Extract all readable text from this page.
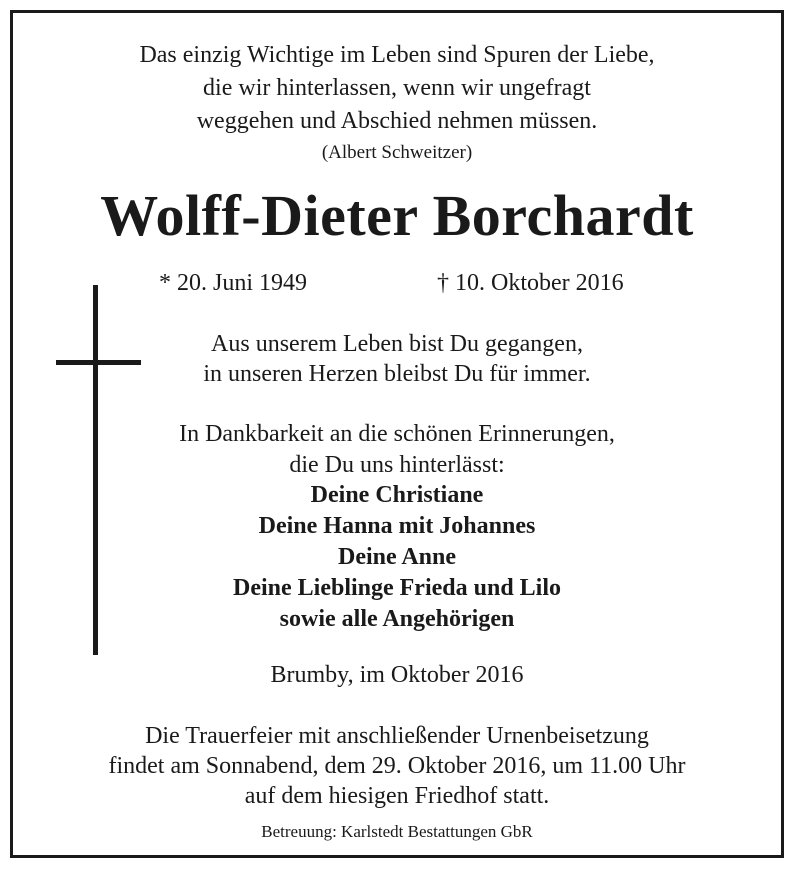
Das einzig Wichtige im Leben sind Spuren der Liebe,
die wir hinterlassen, wenn wir ungefragt
weggehen und Abschied nehmen müssen.
(Albert Schweitzer)
Wolff-Dieter Borchardt
* 20. Juni 1949	† 10. Oktober 2016
Aus unserem Leben bist Du gegangen,
in unseren Herzen bleibst Du für immer.
In Dankbarkeit an die schönen Erinnerungen,
die Du uns hinterlässt:
Deine Christiane
Deine Hanna mit Johannes
Deine Anne
Deine Lieblinge Frieda und Lilo
sowie alle Angehörigen
Brumby, im Oktober 2016
Die Trauerfeier mit anschließender Urnenbeisetzung
findet am Sonnabend, dem 29. Oktober 2016, um 11.00 Uhr
auf dem hiesigen Friedhof statt.
Betreuung: Karlstedt Bestattungen GbR
